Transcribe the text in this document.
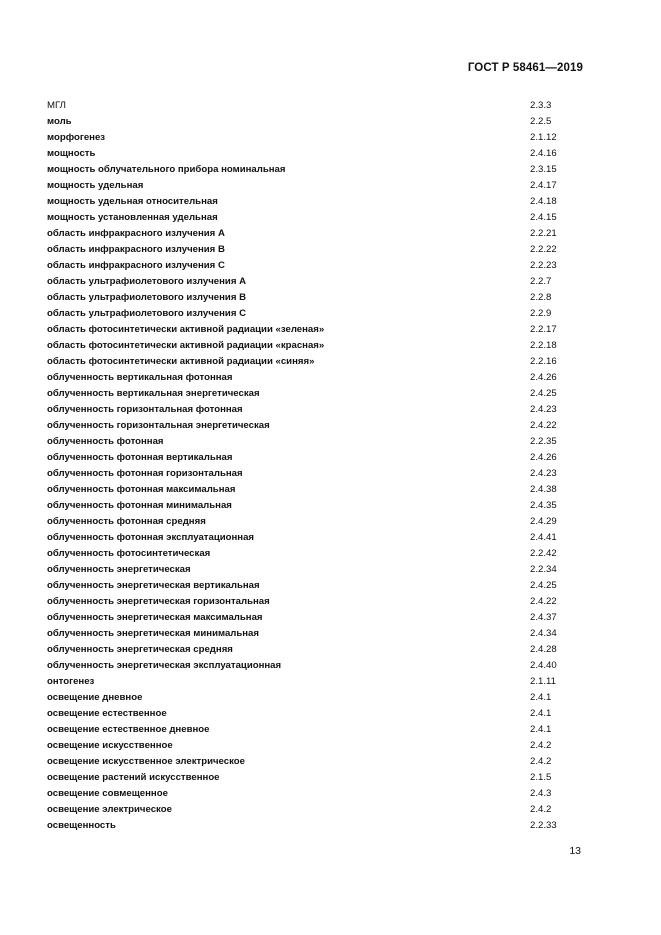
ГОСТ Р 58461—2019
МГЛ	2.3.3
моль	2.2.5
морфогенез	2.1.12
мощность	2.4.16
мощность облучательного прибора номинальная	2.3.15
мощность удельная	2.4.17
мощность удельная относительная	2.4.18
мощность установленная удельная	2.4.15
область инфракрасного излучения A	2.2.21
область инфракрасного излучения B	2.2.22
область инфракрасного излучения C	2.2.23
область ультрафиолетового излучения A	2.2.7
область ультрафиолетового излучения B	2.2.8
область ультрафиолетового излучения C	2.2.9
область фотосинтетически активной радиации «зеленая»	2.2.17
область фотосинтетически активной радиации «красная»	2.2.18
область фотосинтетически активной радиации «синяя»	2.2.16
облученность вертикальная фотонная	2.4.26
облученность вертикальная энергетическая	2.4.25
облученность горизонтальная фотонная	2.4.23
облученность горизонтальная энергетическая	2.4.22
облученность фотонная	2.2.35
облученность фотонная вертикальная	2.4.26
облученность фотонная горизонтальная	2.4.23
облученность фотонная максимальная	2.4.38
облученность фотонная минимальная	2.4.35
облученность фотонная средняя	2.4.29
облученность фотонная эксплуатационная	2.4.41
облученность фотосинтетическая	2.2.42
облученность энергетическая	2.2.34
облученность энергетическая вертикальная	2.4.25
облученность энергетическая горизонтальная	2.4.22
облученность энергетическая максимальная	2.4.37
облученность энергетическая минимальная	2.4.34
облученность энергетическая средняя	2.4.28
облученность энергетическая эксплуатационная	2.4.40
онтогенез	2.1.11
освещение дневное	2.4.1
освещение естественное	2.4.1
освещение естественное дневное	2.4.1
освещение искусственное	2.4.2
освещение искусственное электрическое	2.4.2
освещение растений искусственное	2.1.5
освещение совмещенное	2.4.3
освещение электрическое	2.4.2
освещенность	2.2.33
13
